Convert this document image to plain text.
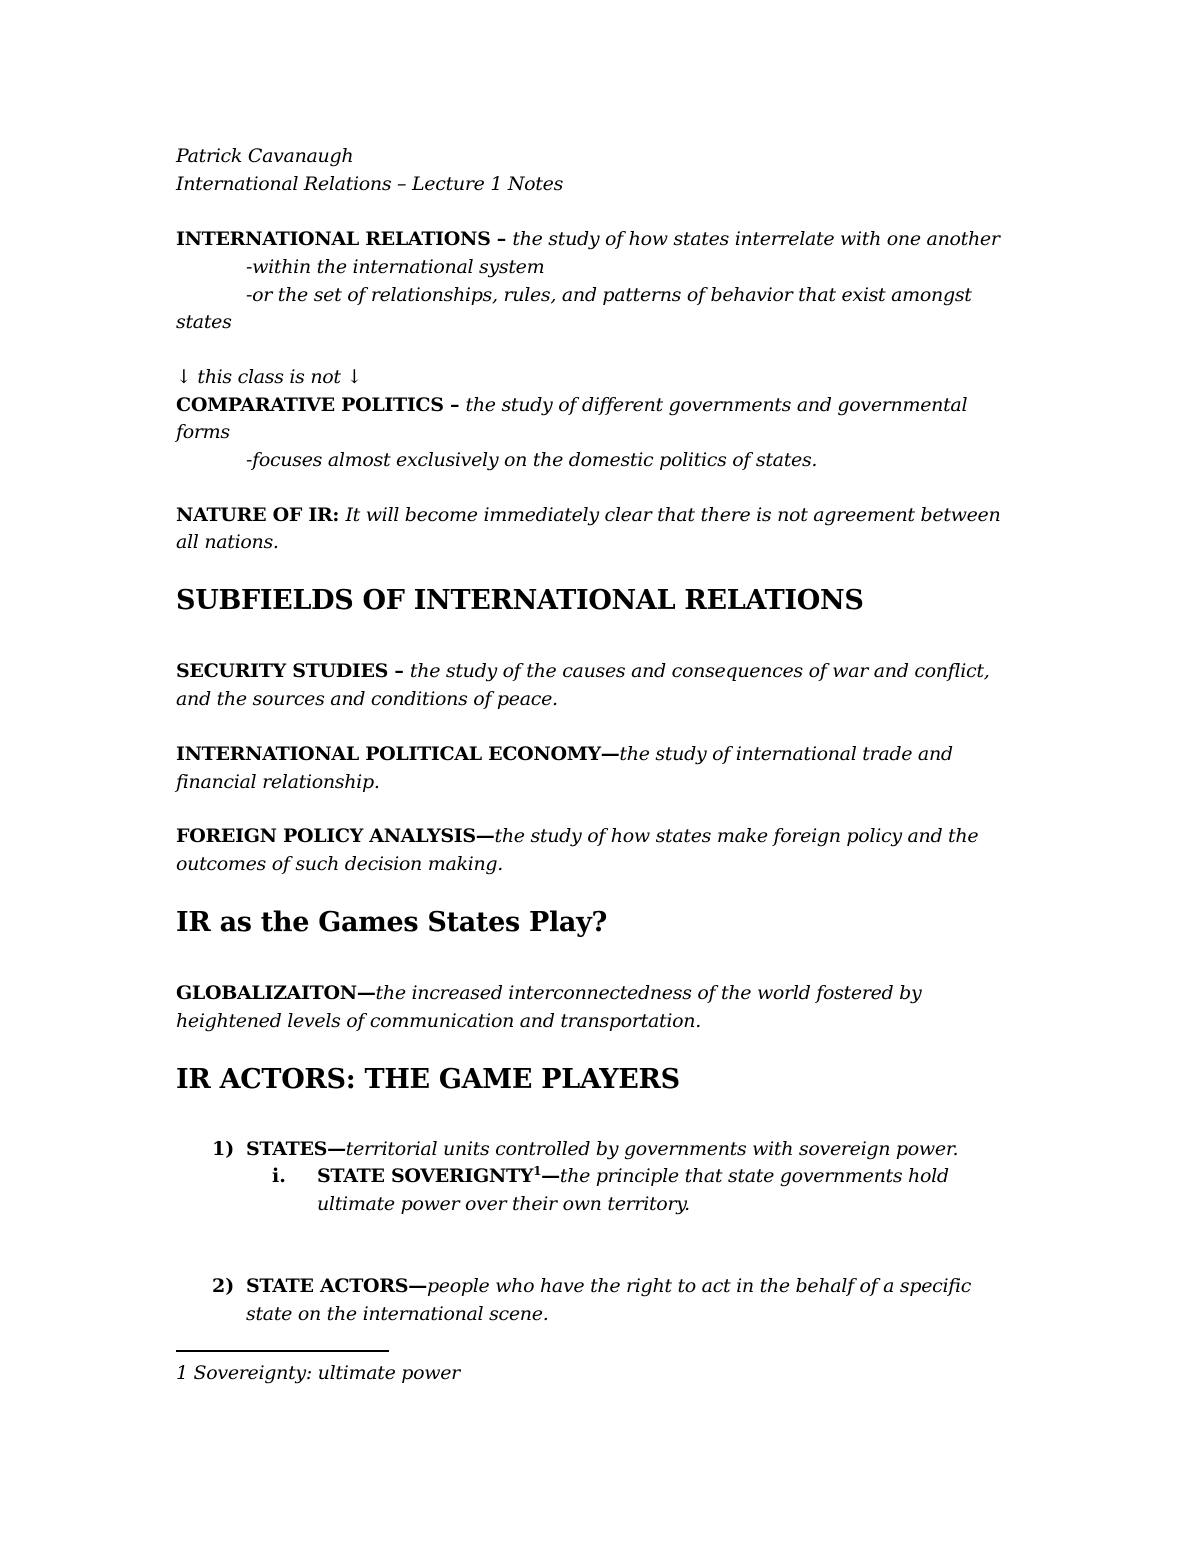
Patrick Cavanaugh
International Relations – Lecture 1 Notes
INTERNATIONAL RELATIONS – the study of how states interrelate with one another
-within the international system
-or the set of relationships, rules, and patterns of behavior that exist amongst
states
↓ this class is not ↓
COMPARATIVE POLITICS – the study of different governments and governmental
forms
-focuses almost exclusively on the domestic politics of states.
NATURE OF IR: It will become immediately clear that there is not agreement between
all nations.
SUBFIELDS OF INTERNATIONAL RELATIONS
SECURITY STUDIES – the study of the causes and consequences of war and conflict,
and the sources and conditions of peace.
INTERNATIONAL POLITICAL ECONOMY—the study of international trade and
financial relationship.
FOREIGN POLICY ANALYSIS—the study of how states make foreign policy and the
outcomes of such decision making.
IR as the Games States Play?
GLOBALIZAITON—the increased interconnectedness of the world fostered by
heightened levels of communication and transportation.
IR ACTORS: THE GAME PLAYERS
1) STATES—territorial units controlled by governments with sovereign power.
i. STATE SOVERIGNTY$^1$—the principle that state governments hold
ultimate power over their own territory.
2) STATE ACTORS—people who have the right to act in the behalf of a specific
state on the international scene.
1 Sovereignty: ultimate power
